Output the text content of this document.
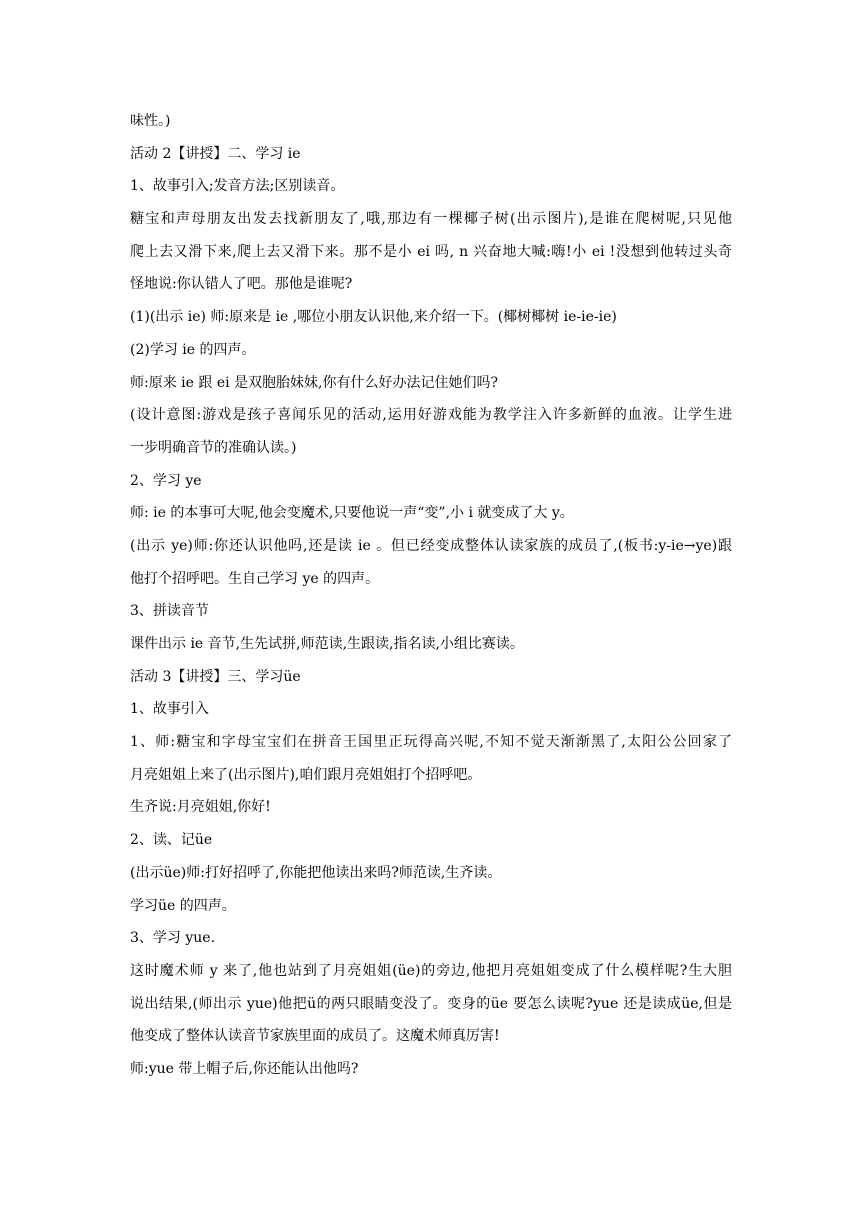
味性。)
活动 2【讲授】二、学习 ie
1、故事引入;发音方法;区别读音。
糖宝和声母朋友出发去找新朋友了,哦,那边有一棵椰子树(出示图片),是谁在爬树呢,只见他
爬上去又滑下来,爬上去又滑下来。那不是小 ei 吗, n 兴奋地大喊:嗨!小 ei !没想到他转过头奇
怪地说:你认错人了吧。那他是谁呢?
(1)(出示 ie) 师:原来是 ie ,哪位小朋友认识他,来介绍一下。(椰树椰树 ie-ie-ie)
(2)学习 ie 的四声。
师:原来 ie 跟 ei 是双胞胎妹妹,你有什么好办法记住她们吗?
(设计意图:游戏是孩子喜闻乐见的活动,运用好游戏能为教学注入许多新鲜的血液。让学生进
一步明确音节的准确认读。)
2、学习 ye
师: ie 的本事可大呢,他会变魔术,只要他说一声“变”,小 i 就变成了大 y。
(出示 ye)师:你还认识他吗,还是读 ie 。但已经变成整体认读家族的成员了,(板书:y-ie→ye)跟
他打个招呼吧。生自己学习 ye 的四声。
3、拼读音节
课件出示 ie 音节,生先试拼,师范读,生跟读,指名读,小组比赛读。
活动 3【讲授】三、学习üe
1、故事引入
1、师:糖宝和字母宝宝们在拼音王国里正玩得高兴呢,不知不觉天渐渐黑了,太阳公公回家了
月亮姐姐上来了(出示图片),咱们跟月亮姐姐打个招呼吧。
生齐说:月亮姐姐,你好!
2、读、记üe
(出示üe)师:打好招呼了,你能把他读出来吗?师范读,生齐读。
学习üe 的四声。
3、学习 yue.
这时魔术师 y 来了,他也站到了月亮姐姐(üe)的旁边,他把月亮姐姐变成了什么模样呢?生大胆
说出结果,(师出示 yue)他把ü的两只眼睛变没了。变身的üe 要怎么读呢?yue 还是读成üe,但是
他变成了整体认读音节家族里面的成员了。这魔术师真厉害!
师:yue 带上帽子后,你还能认出他吗?
